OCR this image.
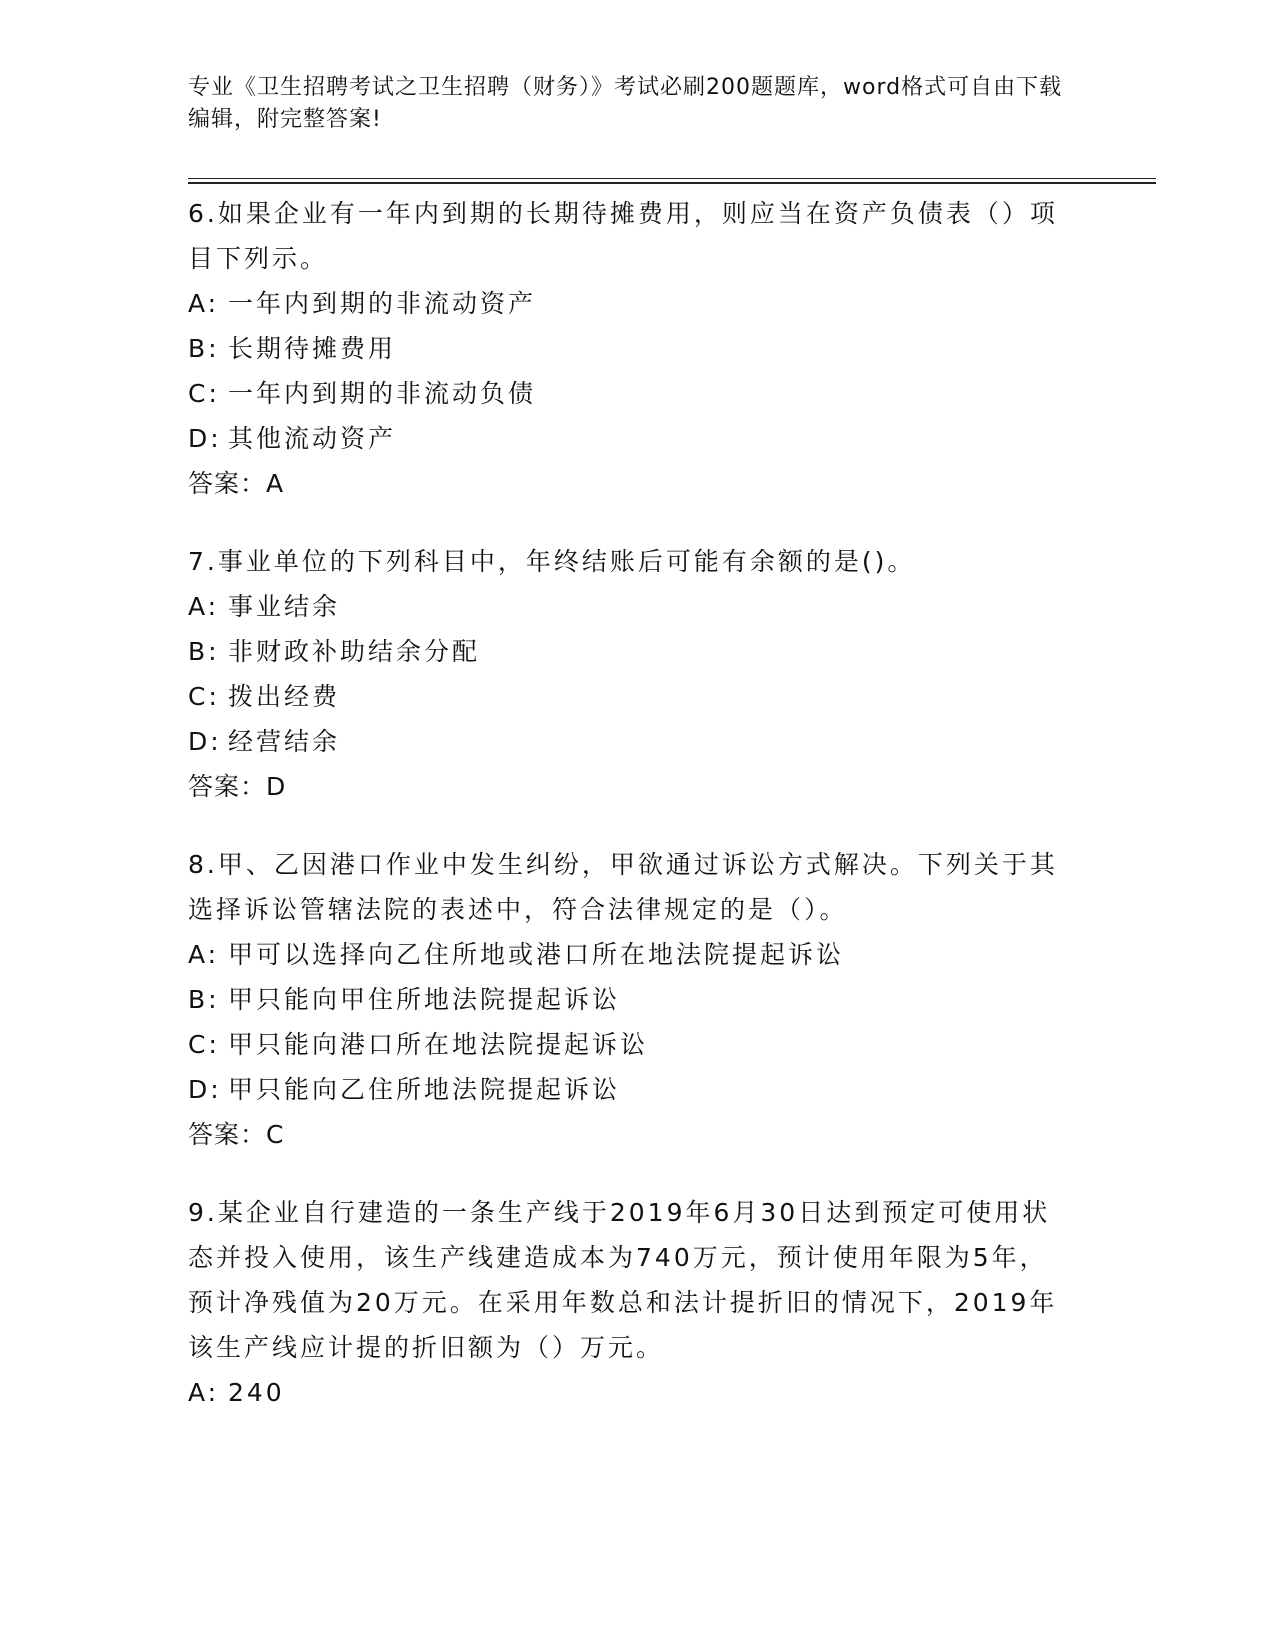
专业《卫生招聘考试之卫生招聘（财务）》考试必刷200题题库，word格式可自由下载编辑，附完整答案!
6.如果企业有一年内到期的长期待摊费用，则应当在资产负债表（）项目下列示。
A: 一年内到期的非流动资产
B: 长期待摊费用
C: 一年内到期的非流动负债
D: 其他流动资产
答案：A
7.事业单位的下列科目中，年终结账后可能有余额的是()。
A: 事业结余
B: 非财政补助结余分配
C: 拨出经费
D: 经营结余
答案：D
8.甲、乙因港口作业中发生纠纷，甲欲通过诉讼方式解决。下列关于其选择诉讼管辖法院的表述中，符合法律规定的是（）。
A: 甲可以选择向乙住所地或港口所在地法院提起诉讼
B: 甲只能向甲住所地法院提起诉讼
C: 甲只能向港口所在地法院提起诉讼
D: 甲只能向乙住所地法院提起诉讼
答案：C
9.某企业自行建造的一条生产线于2019年6月30日达到预定可使用状态并投入使用，该生产线建造成本为740万元，预计使用年限为5年，预计净残值为20万元。在采用年数总和法计提折旧的情况下，2019年该生产线应计提的折旧额为（）万元。
A: 240
